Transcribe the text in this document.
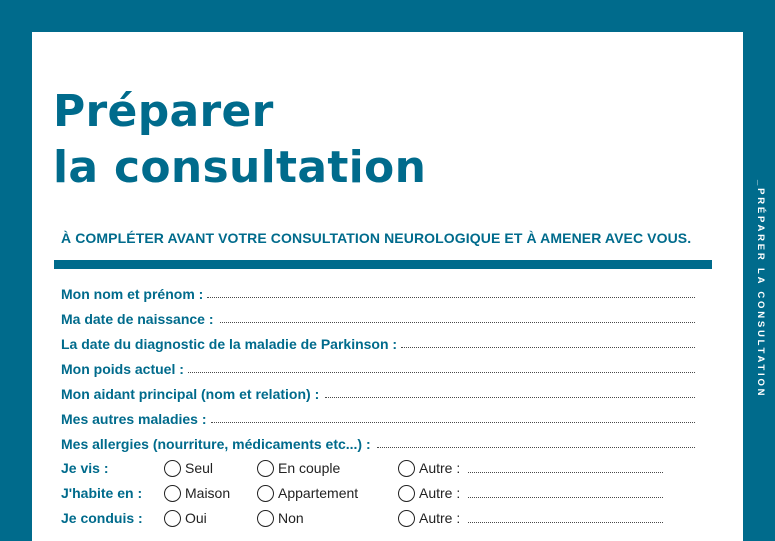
Préparer
la consultation

À COMPLÉTER AVANT VOTRE CONSULTATION NEUROLOGIQUE ET À AMENER AVEC VOUS.

Mon nom et prénom :
Ma date de naissance :
La date du diagnostic de la maladie de Parkinson :
Mon poids actuel :
Mon aidant principal (nom et relation) :
Mes autres maladies :
Mes allergies (nourriture, médicaments etc...) :
Je vis :	Seul	En couple	Autre :
J'habite en :	Maison	Appartement	Autre :
Je conduis :	Oui	Non	Autre :
_PRÉPARER LA CONSULTATION
